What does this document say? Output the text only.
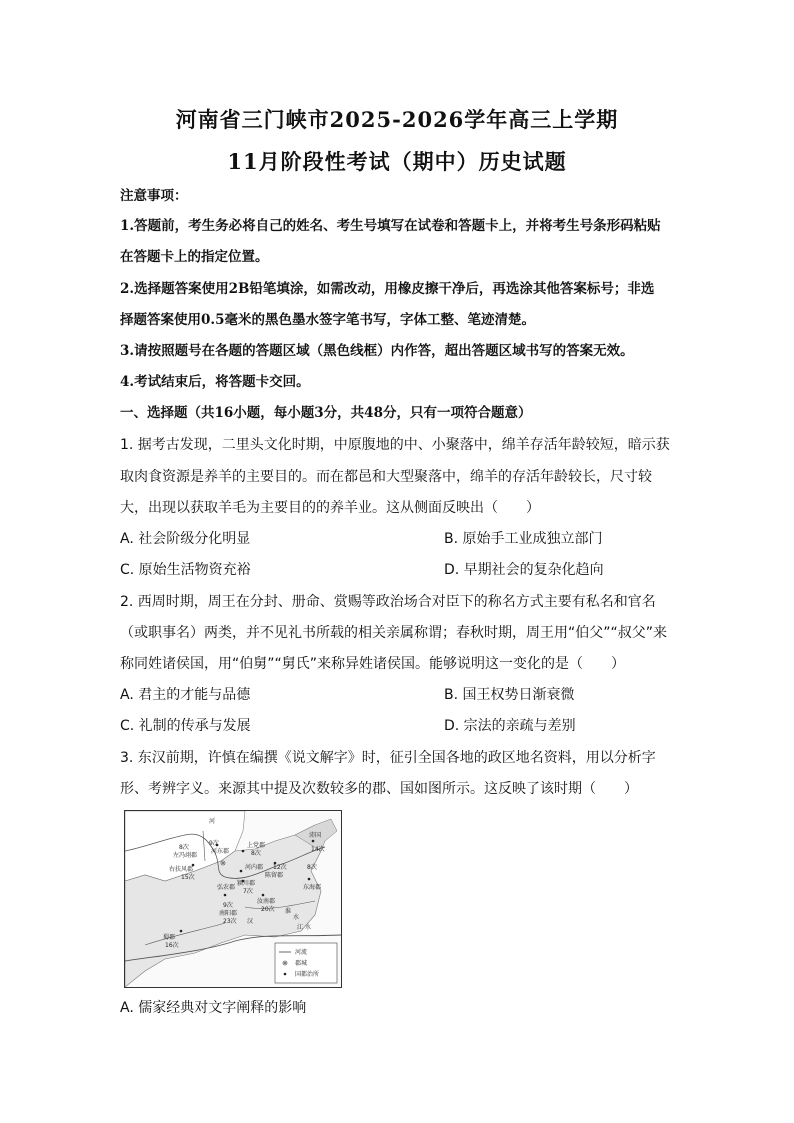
河南省三门峡市2025-2026学年高三上学期
11月阶段性考试（期中）历史试题
注意事项：
1.答题前，考生务必将自己的姓名、考生号填写在试卷和答题卡上，并将考生号条形码粘贴
在答题卡上的指定位置。
2.选择题答案使用2B铅笔填涂，如需改动，用橡皮擦干净后，再选涂其他答案标号；非选
择题答案使用0.5毫米的黑色墨水签字笔书写，字体工整、笔迹清楚。
3.请按照题号在各题的答题区域（黑色线框）内作答，超出答题区域书写的答案无效。
4.考试结束后，将答题卡交回。
一、选择题（共16小题，每小题3分，共48分，只有一项符合题意）
1. 据考古发现，二里头文化时期，中原腹地的中、小聚落中，绵羊存活年龄较短，暗示获
取肉食资源是养羊的主要目的。而在都邑和大型聚落中，绵羊的存活年龄较长，尺寸较
大，出现以获取羊毛为主要目的的养羊业。这从侧面反映出（　　）
A. 社会阶级分化明显	B. 原始手工业成独立部门
C. 原始生活物资充裕	D. 早期社会的复杂化趋向
2. 西周时期，周王在分封、册命、赏赐等政治场合对臣下的称名方式主要有私名和官名
（或职事名）两类，并不见礼书所载的相关亲属称谓；春秋时期，周王用“伯父”“叔父”来
称同姓诸侯国，用“伯舅”“舅氏”来称异姓诸侯国。能够说明这一变化的是（　　）
A. 君主的才能与品德	B. 国王权势日渐衰微
C. 礼制的传承与发展	D. 宗法的亲疏与差别
3. 东汉前期，许慎在编撰《说文解字》时，征引全国各地的政区地名资料，用以分析字
形、考辨字义。来源其中提及次数较多的郡、国如图所示。这反映了该时期（　　）
河
8次
左冯翊郡
右扶风郡
15次
河东郡
9次	上党郡
8次
河内郡 12次
陈留郡
沛国
14次
8次
弘农郡
9次
颍川郡
7次
南阳郡
23次
汝南郡
20次 淮
水
汉
蜀郡
16次
东海郡
江 水
河流
郡城
国都治所
A. 儒家经典对文字阐释的影响
